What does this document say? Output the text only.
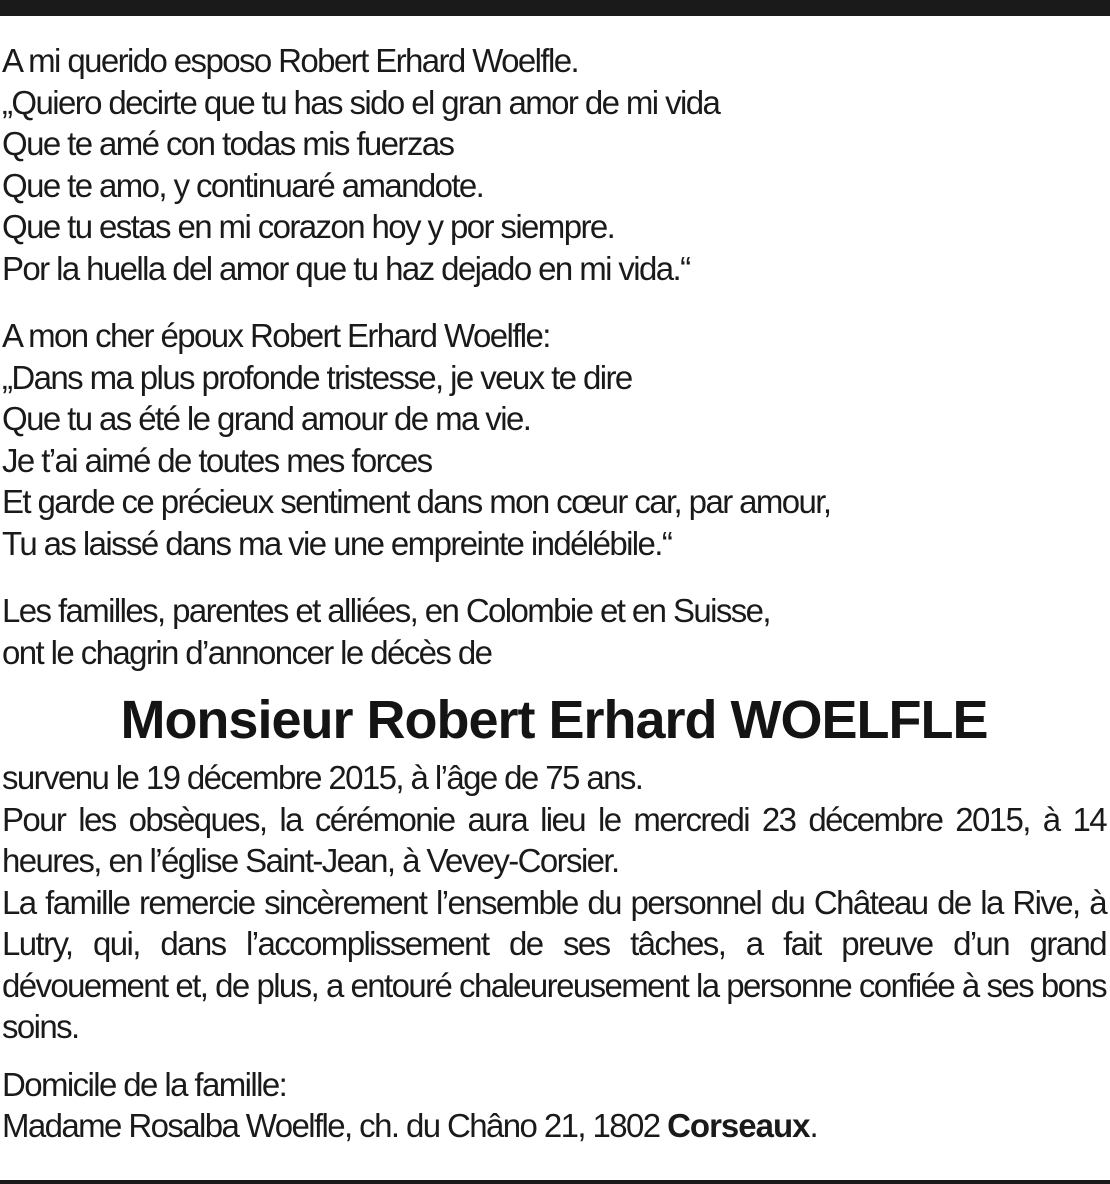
A mi querido esposo Robert Erhard Woelfle.
„Quiero decirte que tu has sido el gran amor de mi vida
Que te amé con todas mis fuerzas
Que te amo, y continuaré amandote.
Que tu estas en mi corazon hoy y por siempre.
Por la huella del amor que tu haz dejado en mi vida.“
A mon cher époux Robert Erhard Woelfle:
„Dans ma plus profonde tristesse, je veux te dire
Que tu as été le grand amour de ma vie.
Je t’ai aimé de toutes mes forces
Et garde ce précieux sentiment dans mon cœur car, par amour,
Tu as laissé dans ma vie une empreinte indélébile.“
Les familles, parentes et alliées, en Colombie et en Suisse,
ont le chagrin d’annoncer le décès de
Monsieur Robert Erhard WOELFLE

survenu le 19 décembre 2015, à l’âge de 75 ans.

Pour les obsèques, la cérémonie aura lieu le mercredi 23 décembre 2015, à 14 heures, en l’église Saint-Jean, à Vevey-Corsier.

La famille remercie sincèrement l’ensemble du personnel du Château de la Rive, à Lutry, qui, dans l’accomplissement de ses tâches, a fait preuve d’un grand dévouement et, de plus, a entouré chaleureusement la personne confiée à ses bons soins.

Domicile de la famille:

Madame Rosalba Woelfle, ch. du Châno 21, 1802 Corseaux.
